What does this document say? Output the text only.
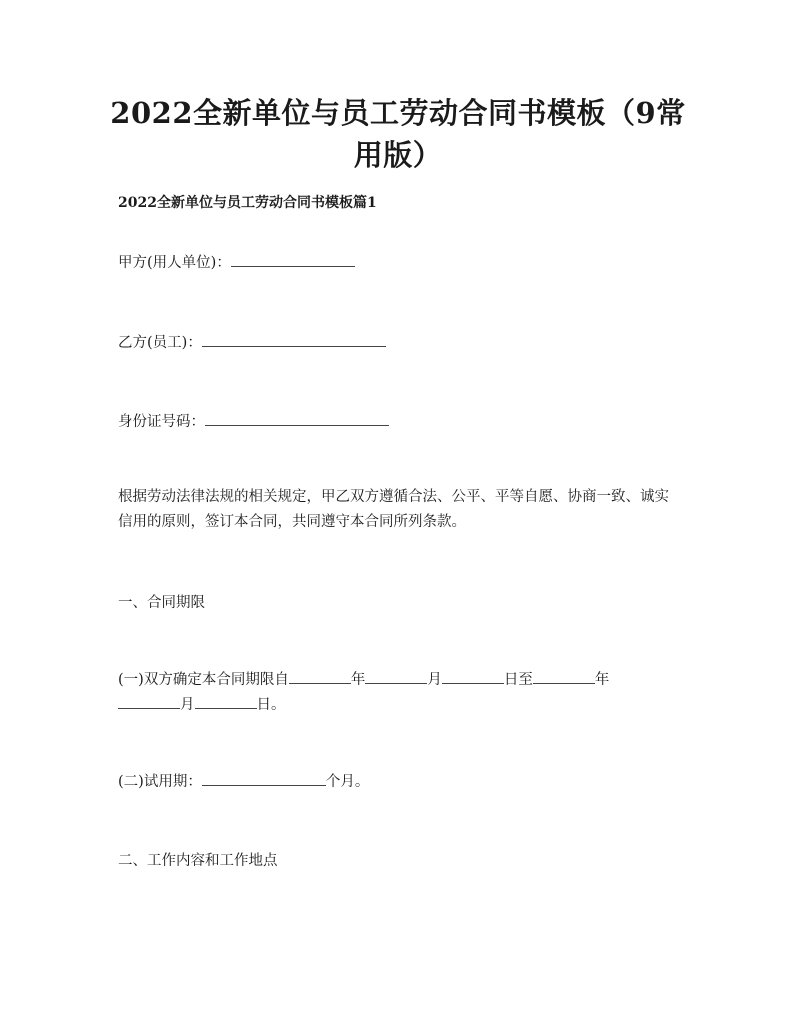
2022全新单位与员工劳动合同书模板（9常
用版）
2022全新单位与员工劳动合同书模板篇1
甲方(用人单位)：
乙方(员工)：
身份证号码：
根据劳动法律法规的相关规定，甲乙双方遵循合法、公平、平等自愿、协商一致、诚实信用的原则，签订本合同，共同遵守本合同所列条款。
一、合同期限
(一)双方确定本合同期限自	年	月	日至	年
月	日。
(二)试用期：	个月。
二、工作内容和工作地点
